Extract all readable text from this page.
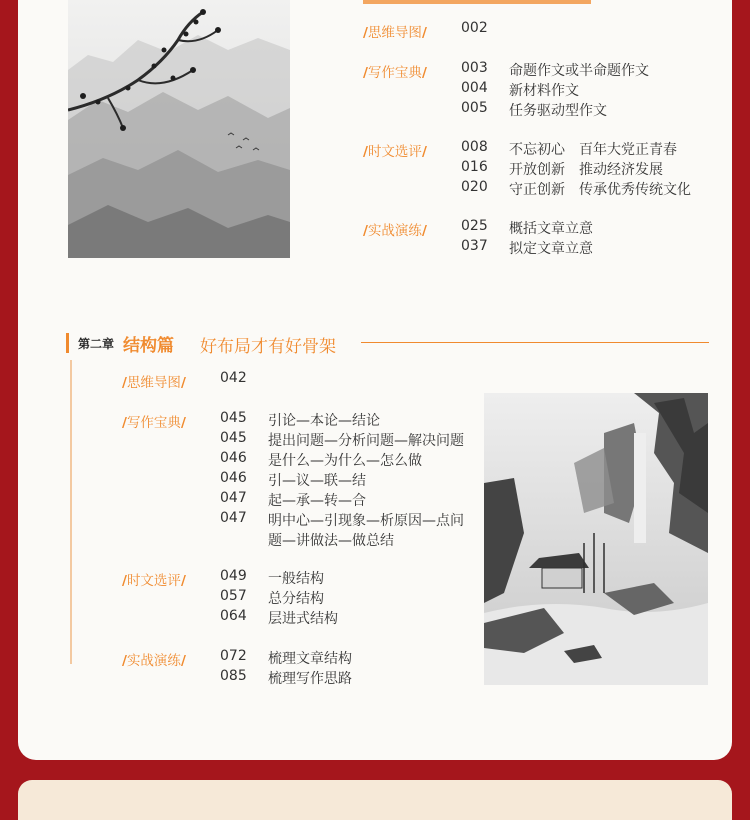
/思维导图/ 002
/写作宝典/ 003 命题作文或半命题作文
004 新材料作文
005 任务驱动型作文
/时文选评/ 008 不忘初心　百年大党正青春
016 开放创新　推动经济发展
020 守正创新　传承优秀传统文化
/实战演练/ 025 概括文章立意
037 拟定文章立意
第二章 结构篇 好布局才有好骨架
/思维导图/ 042
/写作宝典/ 045 引论—本论—结论
045 提出问题—分析问题—解决问题
046 是什么—为什么—怎么做
046 引—议—联—结
047 起—承—转—合
047 明中心—引现象—析原因—点问
题—讲做法—做总结
/时文选评/ 049 一般结构
057 总分结构
064 层进式结构
/实战演练/ 072 梳理文章结构
085 梳理写作思路
